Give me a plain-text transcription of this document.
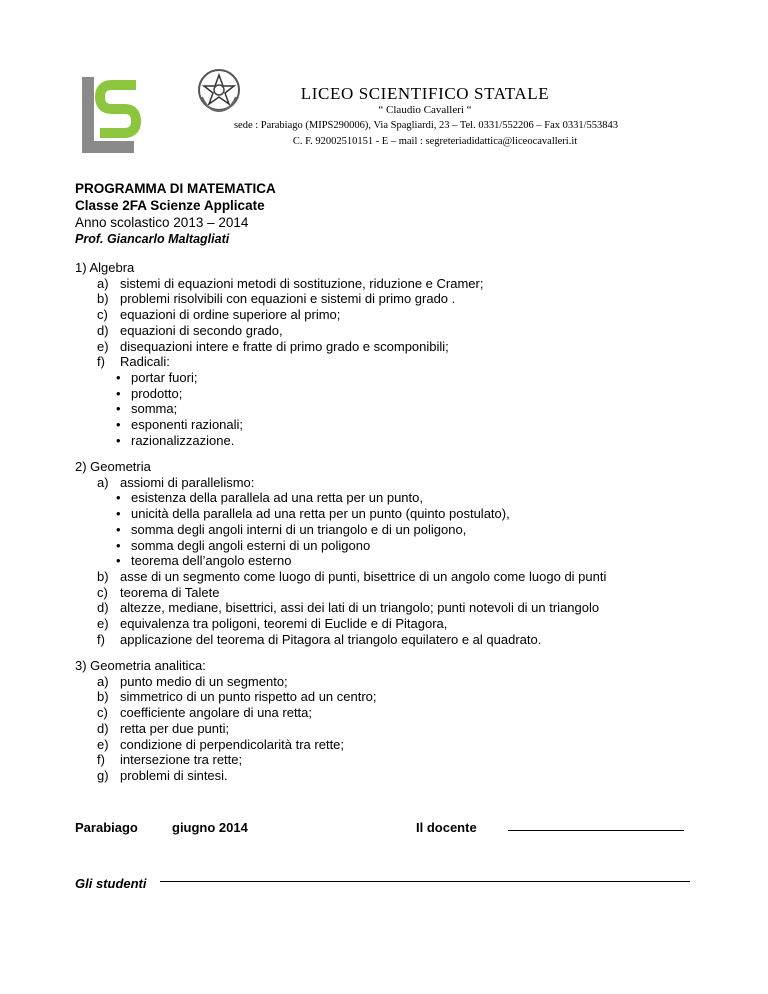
LICEO SCIENTIFICO STATALE
“ Claudio Cavalleri “
sede : Parabiago (MIPS290006), Via Spagliardi, 23 – Tel. 0331/552206 – Fax 0331/553843
C. F. 92002510151 - E – mail : segreteriadidattica@liceocavalleri.it
PROGRAMMA DI MATEMATICA
Classe 2FA Scienze Applicate
Anno scolastico 2013 – 2014
Prof. Giancarlo Maltagliati
1) Algebra
a) sistemi di equazioni metodi di sostituzione, riduzione e Cramer;
b) problemi risolvibili con equazioni e sistemi di primo grado .
c) equazioni di ordine superiore al primo;
d) equazioni di secondo grado,
e) disequazioni intere e fratte di primo grado e scomponibili;
f) Radicali:
• portar fuori;
• prodotto;
• somma;
• esponenti razionali;
• razionalizzazione.
2) Geometria
a) assiomi di parallelismo:
• esistenza della parallela ad una retta per un punto,
• unicità della parallela ad una retta per un punto (quinto postulato),
• somma degli angoli interni di un triangolo e di un poligono,
• somma degli angoli esterni di un poligono
• teorema dell’angolo esterno
b) asse di un segmento come luogo di punti, bisettrice di un angolo come luogo di punti
c) teorema di Talete
d) altezze, mediane, bisettrici, assi dei lati di un triangolo; punti notevoli di un triangolo
e) equivalenza tra poligoni, teoremi di Euclide e di Pitagora,
f) applicazione del teorema di Pitagora al triangolo equilatero e al quadrato.
3) Geometria analitica:
a) punto medio di un segmento;
b) simmetrico di un punto rispetto ad un centro;
c) coefficiente angolare di una retta;
d) retta per due punti;
e) condizione di perpendicolarità tra rette;
f) intersezione tra rette;
g) problemi di sintesi.
Parabiago	giugno 2014	Il docente
Gli studenti
